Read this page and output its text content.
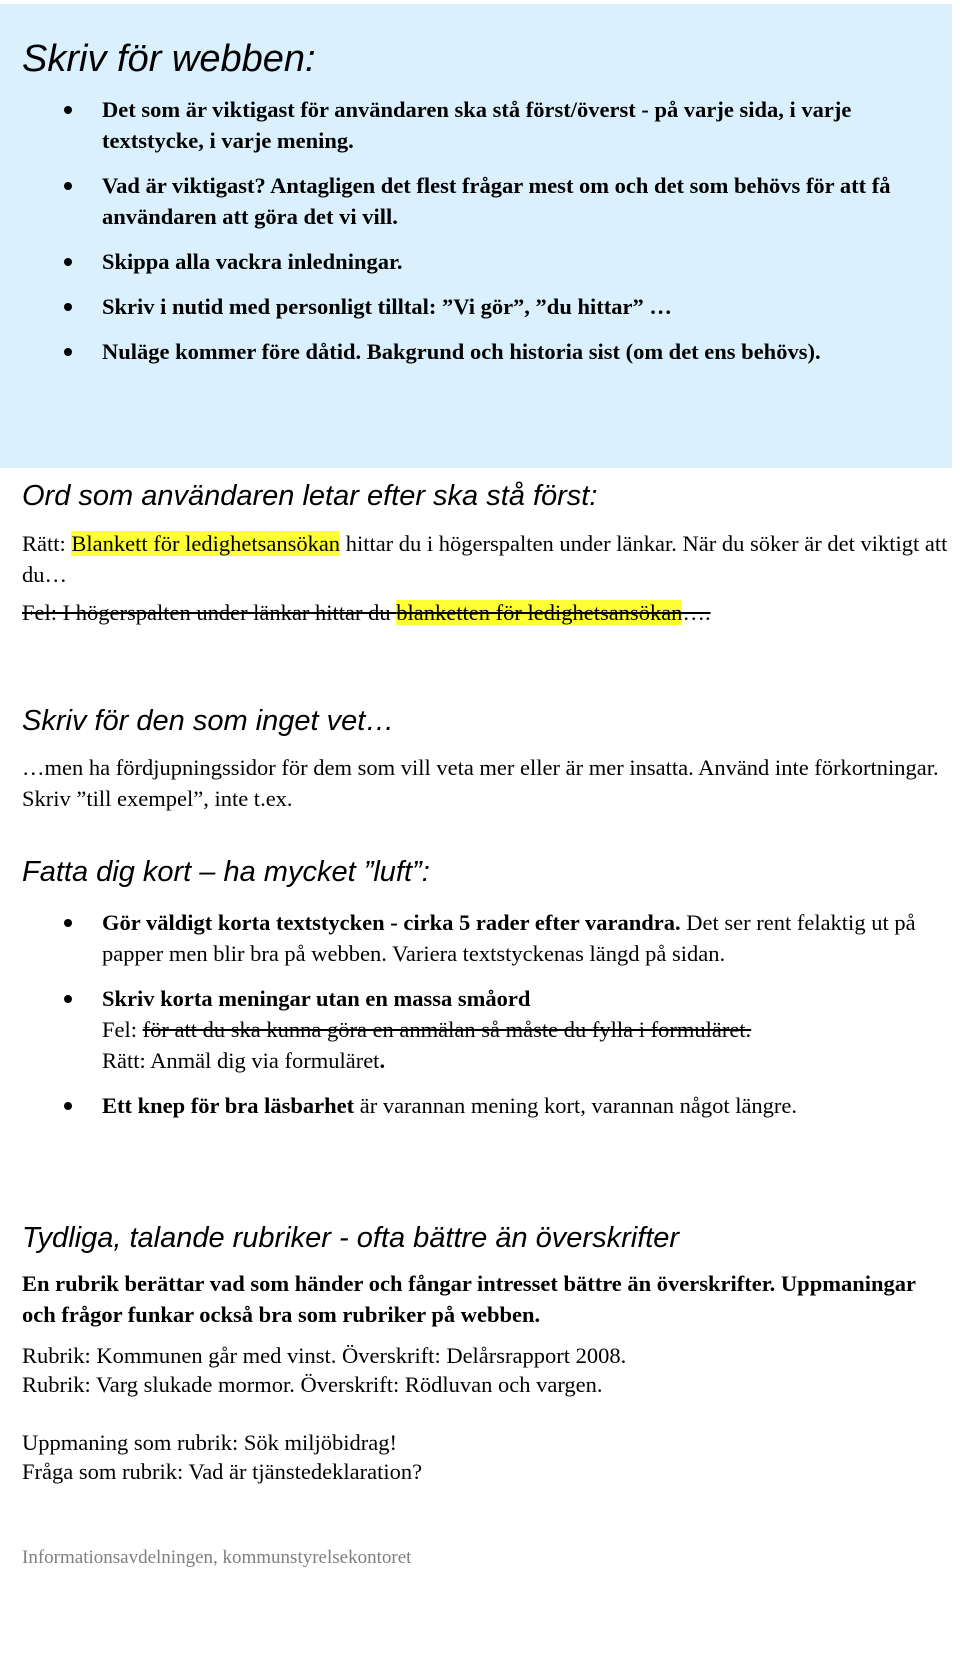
Skriv för webben:
Det som är viktigast för användaren ska stå först/överst - på varje sida, i varje textstycke, i varje mening.
Vad är viktigast? Antagligen det flest frågar mest om och det som behövs för att få användaren att göra det vi vill.
Skippa alla vackra inledningar.
Skriv i nutid med personligt tilltal: ”Vi gör”, ”du hittar” …
Nuläge kommer före dåtid. Bakgrund och historia sist (om det ens behövs).
Ord som användaren letar efter ska stå först:

Rätt: Blankett för ledighetsansökan hittar du i högerspalten under länkar. När du söker är det viktigt att du…

Fel: I högerspalten under länkar hittar du blanketten för ledighetsansökan….

Skriv för den som inget vet…

…men ha fördjupningssidor för dem som vill veta mer eller är mer insatta. Använd inte förkortningar. Skriv ”till exempel”, inte t.ex.

Fatta dig kort – ha mycket ”luft”:
Gör väldigt korta textstycken - cirka 5 rader efter varandra. Det ser rent felaktig ut på papper men blir bra på webben. Variera textstyckenas längd på sidan.
Skriv korta meningar utan en massa småord
Fel: för att du ska kunna göra en anmälan så måste du fylla i formuläret.
Rätt: Anmäl dig via formuläret.
Ett knep för bra läsbarhet är varannan mening kort, varannan något längre.
Tydliga, talande rubriker - ofta bättre än överskrifter

En rubrik berättar vad som händer och fångar intresset bättre än överskrifter. Uppmaningar och frågor funkar också bra som rubriker på webben.

Rubrik: Kommunen går med vinst. Överskrift: Delårsrapport 2008.

Rubrik: Varg slukade mormor. Överskrift: Rödluvan och vargen.

Uppmaning som rubrik: Sök miljöbidrag!

Fråga som rubrik: Vad är tjänstedeklaration?

Informationsavdelningen, kommunstyrelsekontoret
